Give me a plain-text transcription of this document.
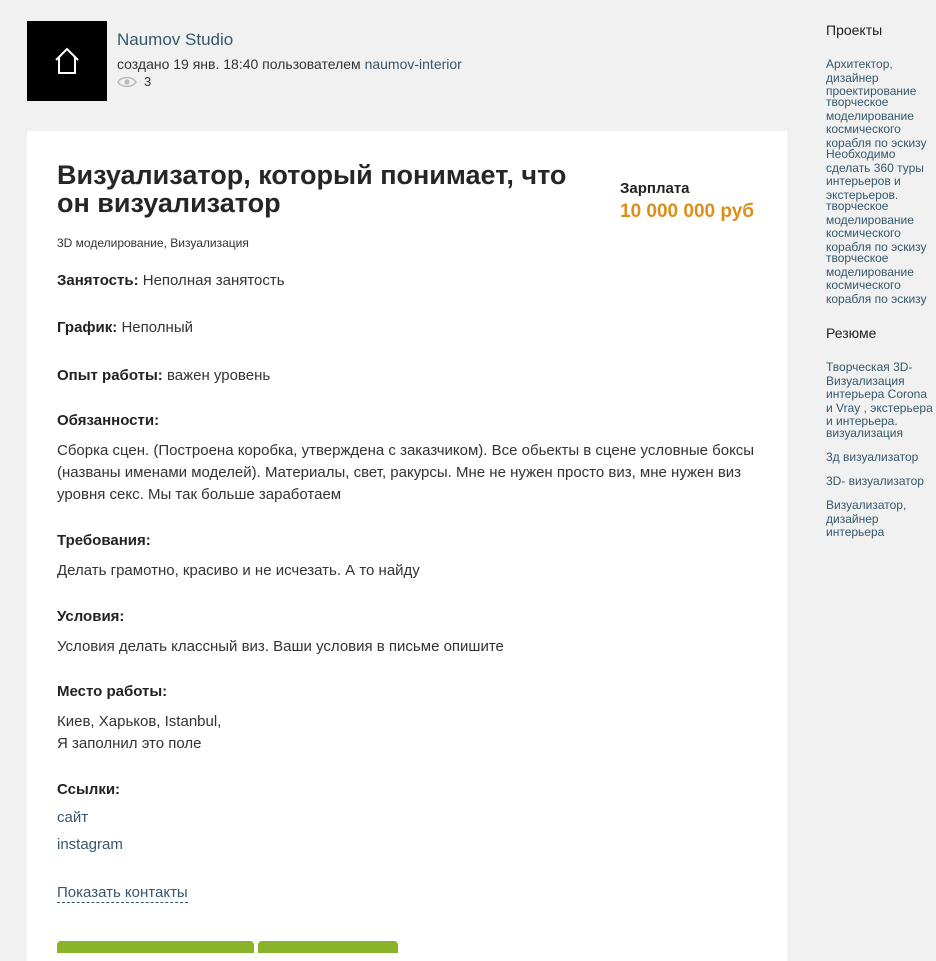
Naumov Studio
создано 19 янв. 18:40 пользователем naumov-interior
3
Визуализатор, который понимает, что он визуализатор	Зарплата
10 000 000 руб
3D моделирование, Визуализация
Занятость: Неполная занятость
График: Неполный
Опыт работы: важен уровень
Обязанности:
Сборка сцен. (Построена коробка, утверждена с заказчиком). Все обьекты в сцене условные боксы (названы именами моделей). Материалы, свет, ракурсы. Мне не нужен просто виз, мне нужен виз уровня секс. Мы так больше заработаем
Требования:
Делать грамотно, красиво и не исчезать. А то найду
Условия:
Условия делать классный виз. Ваши условия в письме опишите
Место работы:
Киев, Харьков, Istanbul,
Я заполнил это поле
Ссылки:
сайт
instagram
Показать контакты
Проекты
Архитектор, дизайнер проектирование
творческое моделирование космического корабля по эскизу
Необходимо сделать 360 туры интерьеров и экстерьеров.
творческое моделирование космического корабля по эскизу
творческое моделирование космического корабля по эскизу
Резюме
Творческая 3D-Визуализация интерьера Corona и Vray , экстерьера и интерьера.
визуализация
3д визуализатор
3D- визуализатор
Визуализатор, дизайнер интерьера
